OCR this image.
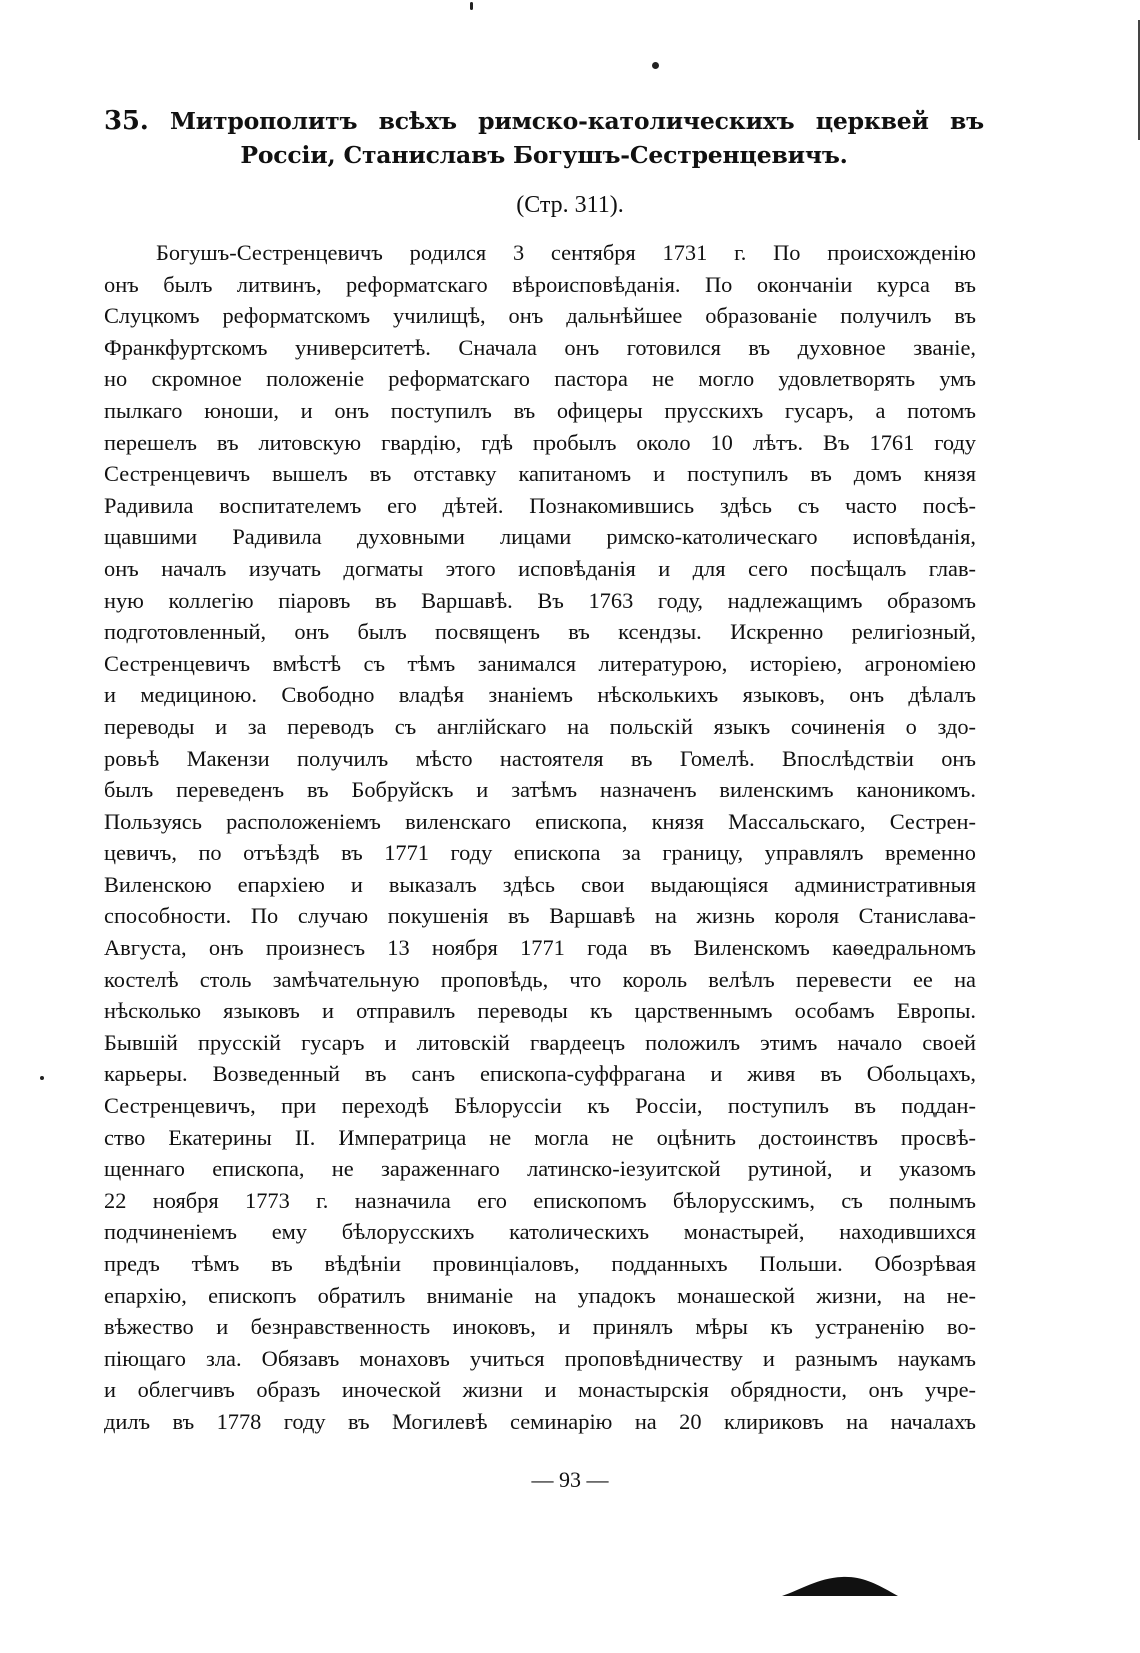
35. Митрополитъ всѣхъ римско-католическихъ церквей въ Россіи, Станиславъ Богушъ-Сестренцевичъ.
(Стр. 311).
Богушъ-Сестренцевичъ родился 3 сентября 1731 г. По происхожденію
онъ былъ литвинъ, реформатскаго вѣроисповѣданія. По окончаніи курса въ
Слуцкомъ реформатскомъ училищѣ, онъ дальнѣйшее образованіе получилъ въ
Франкфуртскомъ университетѣ. Сначала онъ готовился въ духовное званіе,
но скромное положеніе реформатскаго пастора не могло удовлетворять умъ
пылкаго юноши, и онъ поступилъ въ офицеры прусскихъ гусаръ, а потомъ
перешелъ въ литовскую гвардію, гдѣ пробылъ около 10 лѣтъ. Въ 1761 году
Сестренцевичъ вышелъ въ отставку капитаномъ и поступилъ въ домъ князя
Радивила воспитателемъ его дѣтей. Познакомившись здѣсь съ часто посѣ-
щавшими Радивила духовными лицами римско-католическаго исповѣданія,
онъ началъ изучать догматы этого исповѣданія и для сего посѣщалъ глав-
ную коллегію піаровъ въ Варшавѣ. Въ 1763 году, надлежащимъ образомъ
подготовленный, онъ былъ посвященъ въ ксендзы. Искренно религіозный,
Сестренцевичъ вмѣстѣ съ тѣмъ занимался литературою, исторіею, агрономіею
и медициною. Свободно владѣя знаніемъ нѣсколькихъ языковъ, онъ дѣлалъ
переводы и за переводъ съ англійскаго на польскій языкъ сочиненія о здо-
ровьѣ Макензи получилъ мѣсто настоятеля въ Гомелѣ. Впослѣдствіи онъ
былъ переведенъ въ Бобруйскъ и затѣмъ назначенъ виленскимъ каноникомъ.
Пользуясь расположеніемъ виленскаго епископа, князя Массальскаго, Сестрен-
цевичъ, по отъѣздѣ въ 1771 году епископа за границу, управлялъ временно
Виленскою епархіею и выказалъ здѣсь свои выдающіяся административныя
способности. По случаю покушенія въ Варшавѣ на жизнь короля Станислава-
Августа, онъ произнесъ 13 ноября 1771 года въ Виленскомъ каѳедральномъ
костелѣ столь замѣчательную проповѣдь, что король велѣлъ перевести ее на
нѣсколько языковъ и отправилъ переводы къ царственнымъ особамъ Европы.
Бывшій прусскій гусаръ и литовскій гвардеецъ положилъ этимъ начало своей
карьеры. Возведенный въ санъ епископа-суффрагана и живя въ Обольцахъ,
Сестренцевичъ, при переходѣ Бѣлоруссіи къ Россіи, поступилъ въ поддан-
ство Екатерины II. Императрица не могла не оцѣнить достоинствъ просвѣ-
щеннаго епископа, не зараженнаго латинско-іезуитской рутиной, и указомъ
22 ноября 1773 г. назначила его епископомъ бѣлорусскимъ, съ полнымъ
подчиненіемъ ему бѣлорусскихъ католическихъ монастырей, находившихся
предъ тѣмъ въ вѣдѣніи провинціаловъ, подданныхъ Польши. Обозрѣвая
епархію, епископъ обратилъ вниманіе на упадокъ монашеской жизни, на не-
вѣжество и безнравственность иноковъ, и принялъ мѣры къ устраненію во-
піющаго зла. Обязавъ монаховъ учиться проповѣдничеству и разнымъ наукамъ
и облегчивъ образъ иноческой жизни и монастырскія обрядности, онъ учре-
дилъ въ 1778 году въ Могилевѣ семинарію на 20 клириковъ на началахъ
— 93 —
